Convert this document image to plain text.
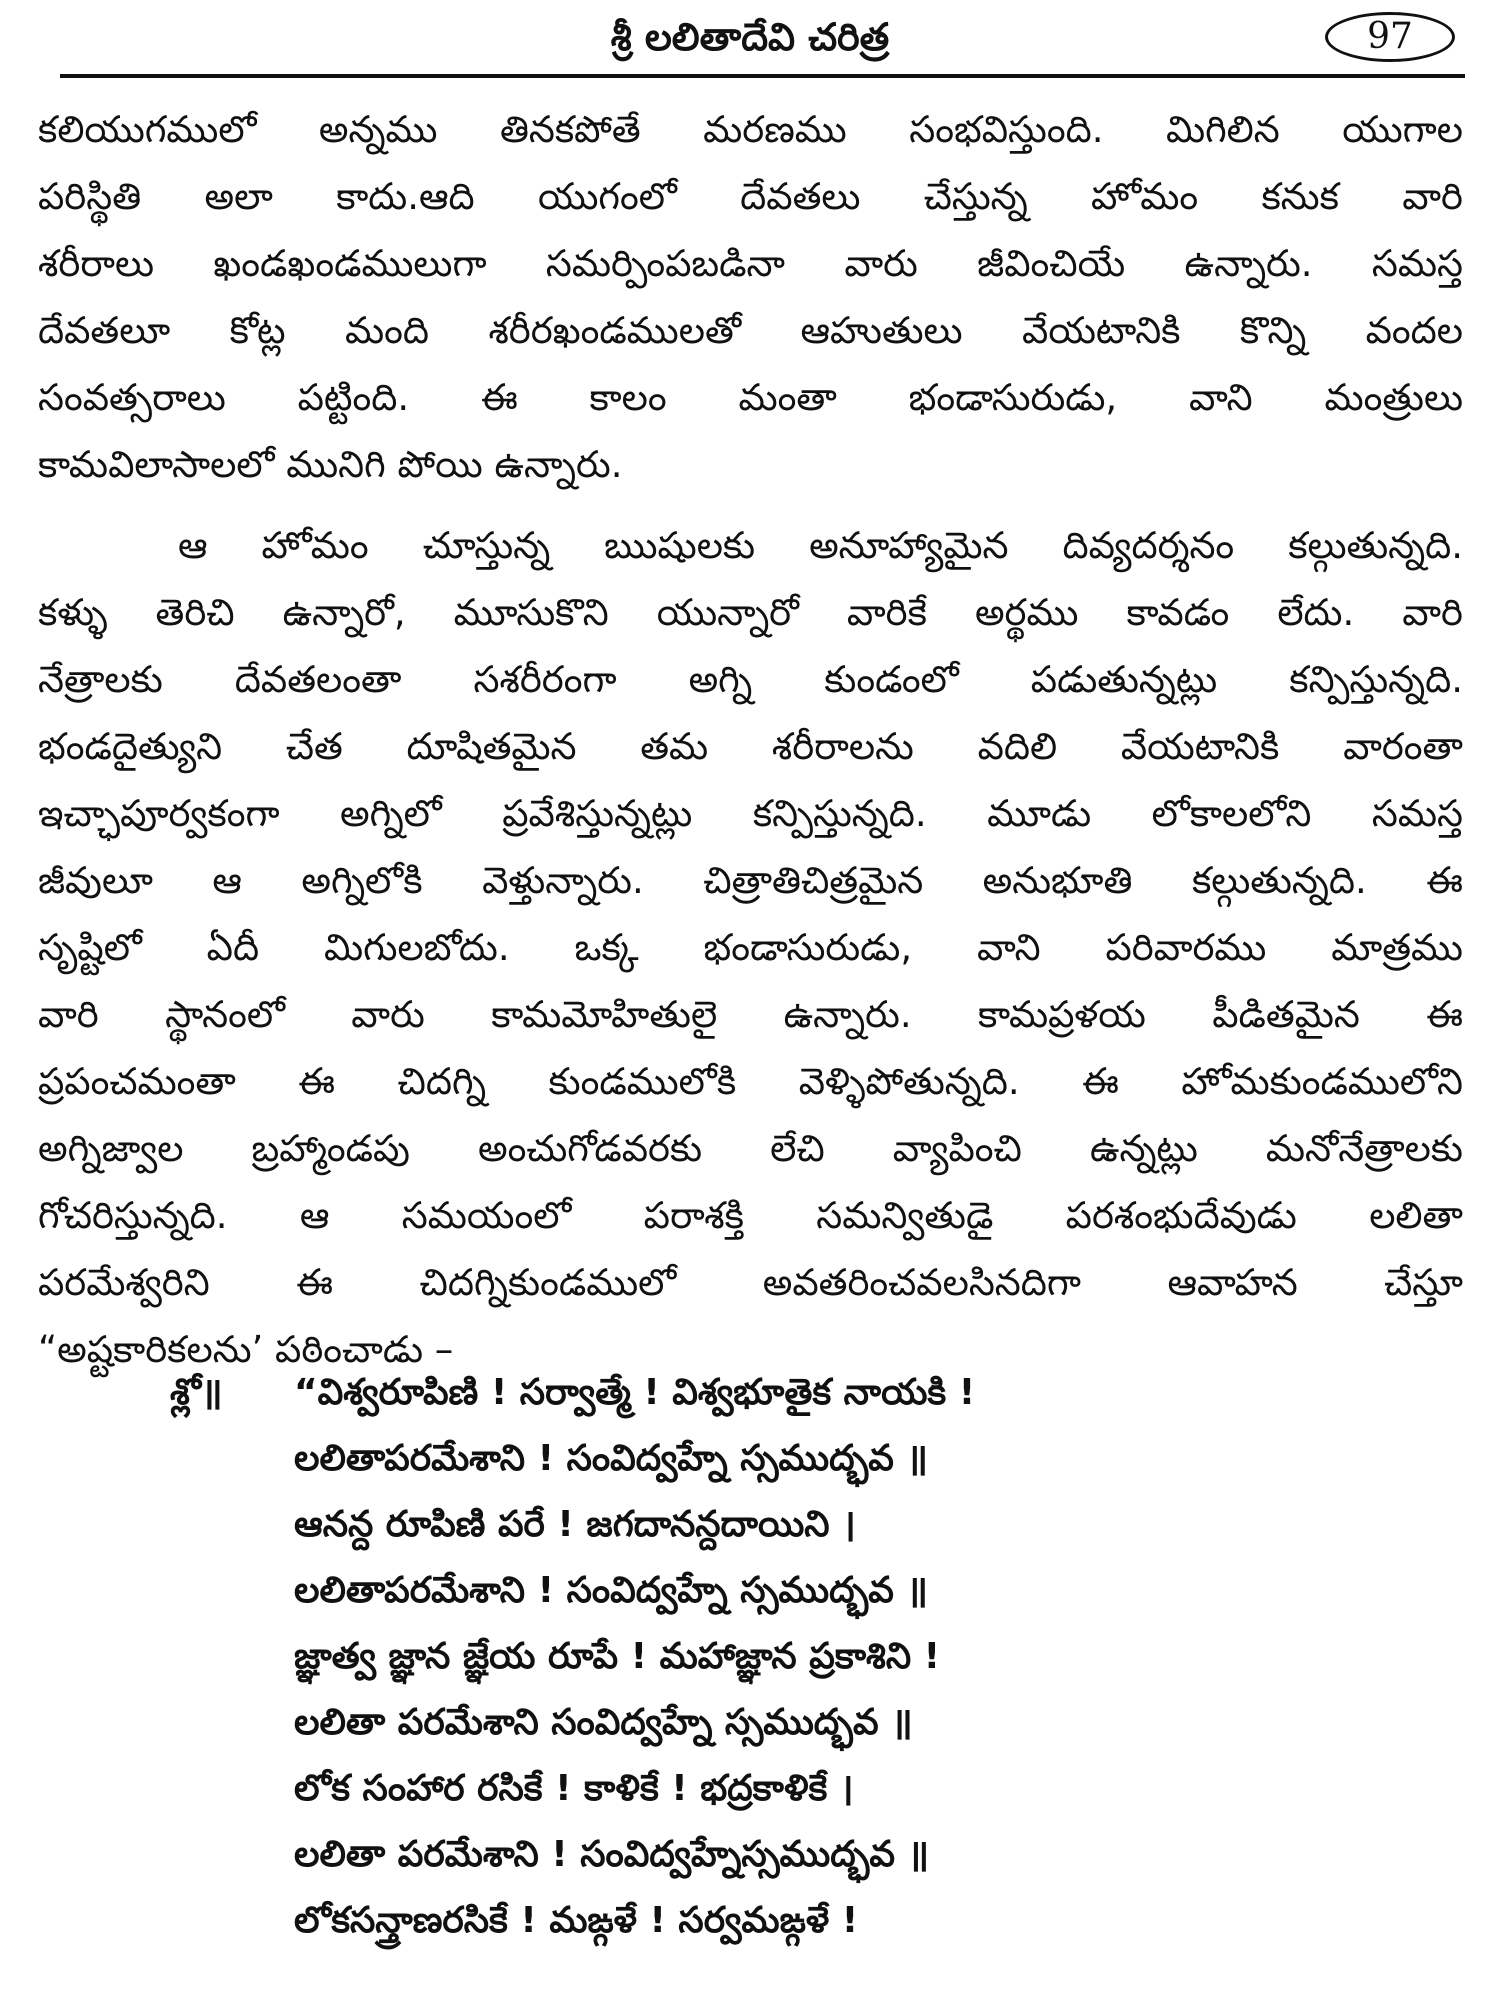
శ్రీ లలితాదేవి చరిత్ర	97

కలియుగములో అన్నము తినకపోతే మరణము సంభవిస్తుంది. మిగిలిన యుగాల
పరిస్థితి అలా కాదు.ఆది యుగంలో దేవతలు చేస్తున్న హోమం కనుక వారి
శరీరాలు ఖండఖండములుగా సమర్పింపబడినా వారు జీవించియే ఉన్నారు. సమస్త
దేవతలూ కోట్ల మంది శరీరఖండములతో ఆహుతులు వేయటానికి కొన్ని వందల
సంవత్సరాలు పట్టింది. ఈ కాలం మంతా భండాసురుడు, వాని మంత్రులు
కామవిలాసాలలో మునిగి పోయి ఉన్నారు.

ఆ హోమం చూస్తున్న ఋషులకు అనూహ్యామైన దివ్యదర్శనం కల్గుతున్నది.
కళ్ళు తెరిచి ఉన్నారో, మూసుకొని యున్నారో వారికే అర్థము కావడం లేదు. వారి
నేత్రాలకు దేవతలంతా సశరీరంగా అగ్ని కుండంలో పడుతున్నట్లు కన్పిస్తున్నది.
భండదైత్యుని చేత దూషితమైన తమ శరీరాలను వదిలి వేయటానికి వారంతా
ఇచ్ఛాపూర్వకంగా అగ్నిలో ప్రవేశిస్తున్నట్లు కన్పిస్తున్నది. మూడు లోకాలలోని సమస్త
జీవులూ ఆ అగ్నిలోకి వెళ్తున్నారు. చిత్రాతిచిత్రమైన అనుభూతి కల్గుతున్నది. ఈ
సృష్టిలో ఏదీ మిగులబోదు. ఒక్క భండాసురుడు, వాని పరివారము మాత్రము
వారి స్థానంలో వారు కామమోహితులై ఉన్నారు. కామప్రళయ పీడితమైన ఈ
ప్రపంచమంతా ఈ చిదగ్ని కుండములోకి వెళ్ళిపోతున్నది. ఈ హోమకుండములోని
అగ్నిజ్వాల బ్రహ్మాండపు అంచుగోడవరకు లేచి వ్యాపించి ఉన్నట్లు మనోనేత్రాలకు
గోచరిస్తున్నది. ఆ సమయంలో పరాశక్తి సమన్వితుడై పరశంభుదేవుడు లలితా
పరమేశ్వరిని ఈ చిదగ్నికుండములో అవతరించవలసినదిగా ఆవాహన చేస్తూ
“అష్టకారికలను’ పఠించాడు –

శ్లో॥ “విశ్వరూపిణి ! సర్వాత్మే ! విశ్వభూతైక నాయకి !
లలితాపరమేశాని ! సంవిద్వహ్నే స్సముద్భవ ॥
ఆనన్ద రూపిణి పరే ! జగదానన్దదాయిని ।
లలితాపరమేశాని ! సంవిద్వహ్నే స్సముద్భవ ॥
జ్ఞాత్వ జ్ఞాన జ్ఞేయ రూపే ! మహాజ్ఞాన ప్రకాశిని !
లలితా పరమేశాని సంవిద్వహ్నే స్సముద్భవ ॥
లోక సంహార రసికే ! కాళికే ! భద్రకాళికే ।
లలితా పరమేశాని ! సంవిద్వహ్నేస్సముద్భవ ॥
లోకసన్త్రాణరసికే ! మఙ్గళే ! సర్వమఙ్గళే !
